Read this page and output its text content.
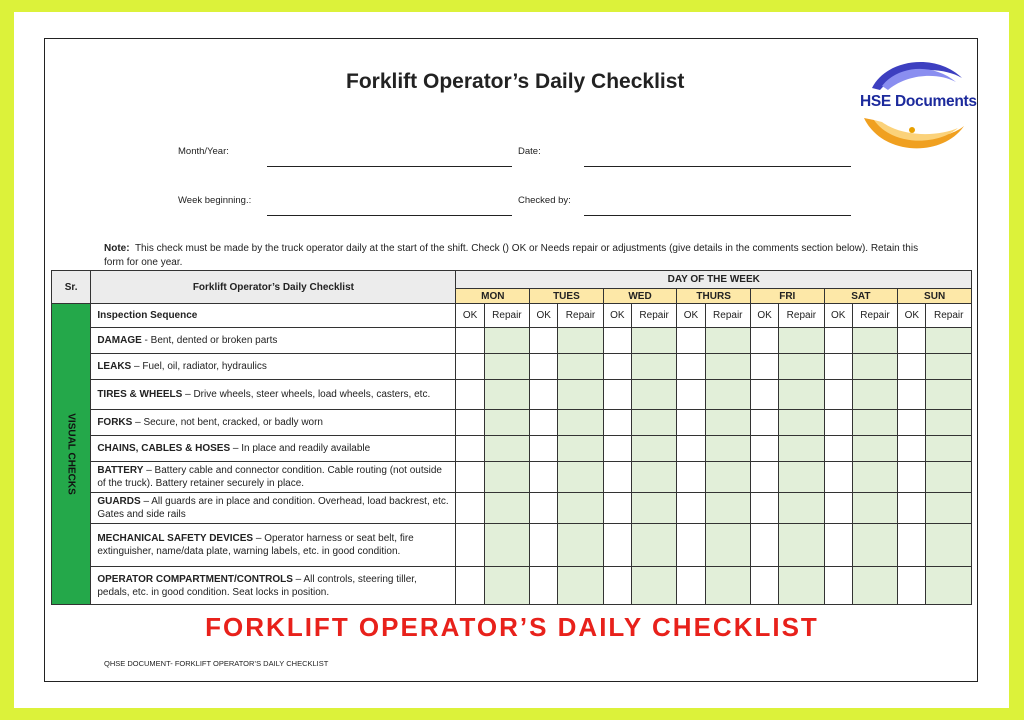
Forklift Operator’s Daily Checklist
HSE Documents
Month/Year:	Date:
Week beginning.:	Checked by:
Note: This check must be made by the truck operator daily at the start of the shift. Check () OK or Needs repair or adjustments (give details in the comments section below). Retain this form for one year.
Sr.	Forklift Operator’s Daily Checklist	DAY OF THE WEEK													
		MON		TUES		WED		THURS		FRI		SAT		SUN	

VISUAL CHECKS	Inspection Sequence	OK	Repair	OK	Repair	OK	Repair	OK	Repair	OK	Repair	OK	Repair	OK	Repair
	DAMAGE - Bent, dented or broken parts														
	LEAKS – Fuel, oil, radiator, hydraulics														
	TIRES & WHEELS – Drive wheels, steer wheels, load wheels, casters, etc.														
	FORKS – Secure, not bent, cracked, or badly worn														
	CHAINS, CABLES & HOSES – In place and readily available														
	BATTERY – Battery cable and connector condition. Cable routing (not outside of the truck). Battery retainer securely in place.														
	GUARDS – All guards are in place and condition. Overhead, load backrest, etc. Gates and side rails														
	MECHANICAL SAFETY DEVICES – Operator harness or seat belt, fire extinguisher, name/data plate, warning labels, etc. in good condition.														
	OPERATOR COMPARTMENT/CONTROLS – All controls, steering tiller, pedals, etc. in good condition. Seat locks in position.														
FORKLIFT OPERATOR’S DAILY CHECKLIST
QHSE DOCUMENT- FORKLIFT OPERATOR’S DAILY CHECKLIST
